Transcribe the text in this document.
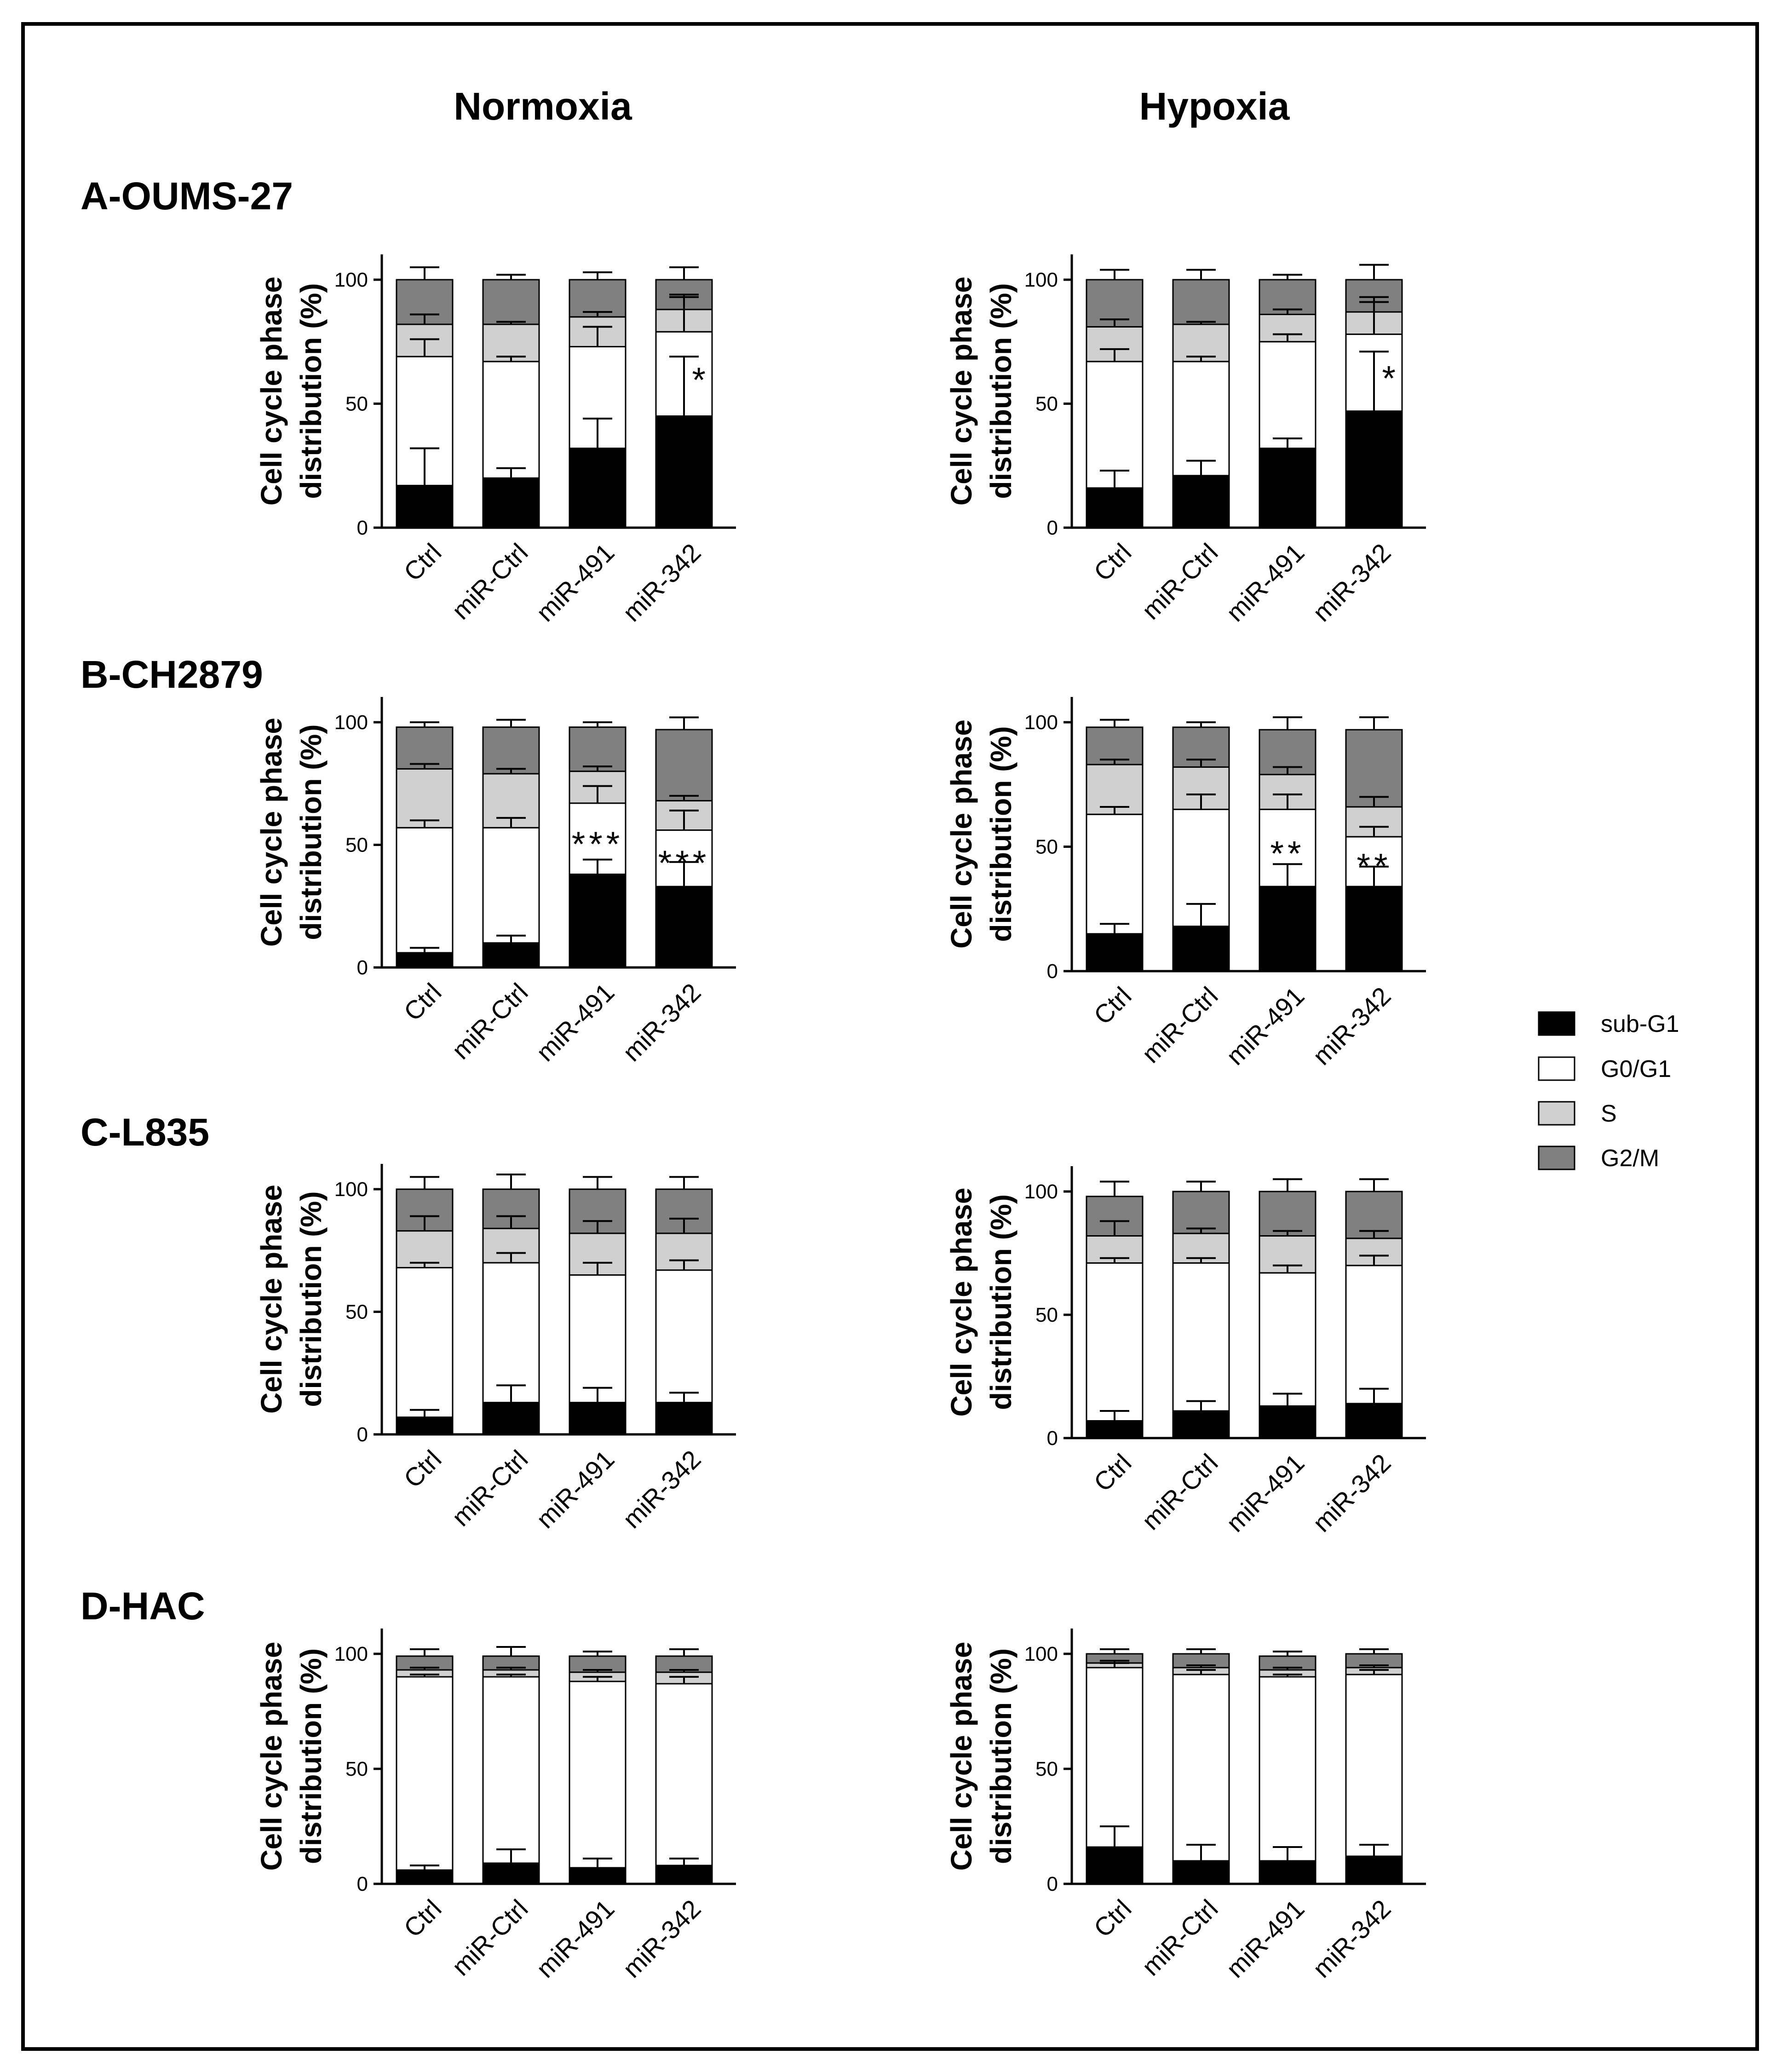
Normoxia	Hypoxia
A-OUMS-27
B-CH2879
C-L835
D-HAC
0
50
100
Cell cycle phase distribution (%)
Ctrl
miR-Ctrl
miR-491
miR-342
*
0
50
100
Cell cycle phase distribution (%)
Ctrl
miR-Ctrl
miR-491
miR-342
*
0
50
100
Cell cycle phase distribution (%)
Ctrl
miR-Ctrl
miR-491
miR-342
*** ***
0
50
100
Cell cycle phase distribution (%)
Ctrl
miR-Ctrl
miR-491
miR-342
** **
0
50
100
Cell cycle phase distribution (%)
Ctrl
miR-Ctrl
miR-491
miR-342
0
50
100
Cell cycle phase distribution (%)
Ctrl
miR-Ctrl
miR-491
miR-342
0
50
100
Cell cycle phase distribution (%)
Ctrl
miR-Ctrl
miR-491
miR-342
0
50
100
Cell cycle phase distribution (%)
Ctrl
miR-Ctrl
miR-491
miR-342
sub-G1
G0/G1
S
G2/M
